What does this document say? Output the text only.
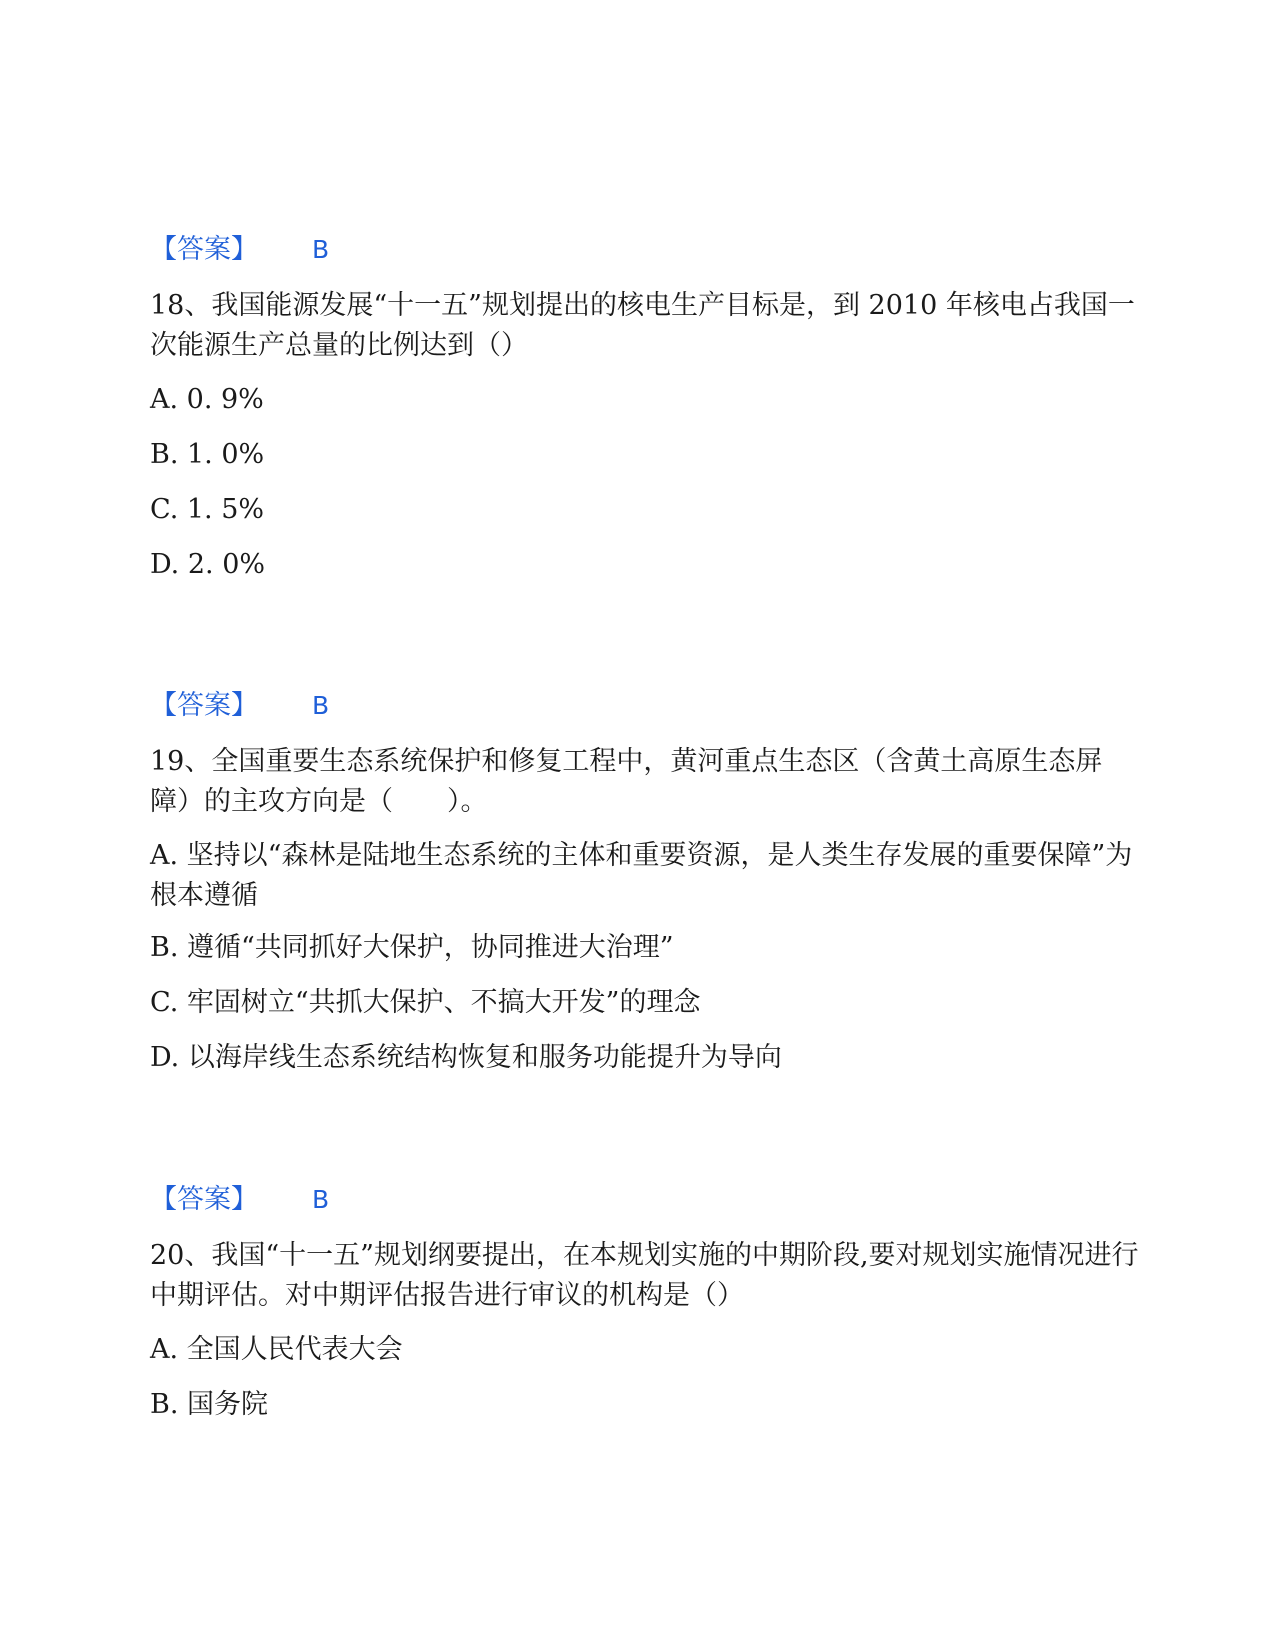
【答案】 B

18、我国能源发展“十一五”规划提出的核电生产目标是，到 2010 年核电占我国一次能源生产总量的比例达到（）

A. 0. 9%

B. 1. 0%

C. 1. 5%

D. 2. 0%

【答案】 B

19、全国重要生态系统保护和修复工程中，黄河重点生态区（含黄土高原生态屏障）的主攻方向是（　　）。

A. 坚持以“森林是陆地生态系统的主体和重要资源，是人类生存发展的重要保障”为根本遵循

B. 遵循“共同抓好大保护，协同推进大治理”

C. 牢固树立“共抓大保护、不搞大开发”的理念

D. 以海岸线生态系统结构恢复和服务功能提升为导向

【答案】 B

20、我国“十一五”规划纲要提出，在本规划实施的中期阶段,要对规划实施情况进行中期评估。对中期评估报告进行审议的机构是（）

A. 全国人民代表大会

B. 国务院
